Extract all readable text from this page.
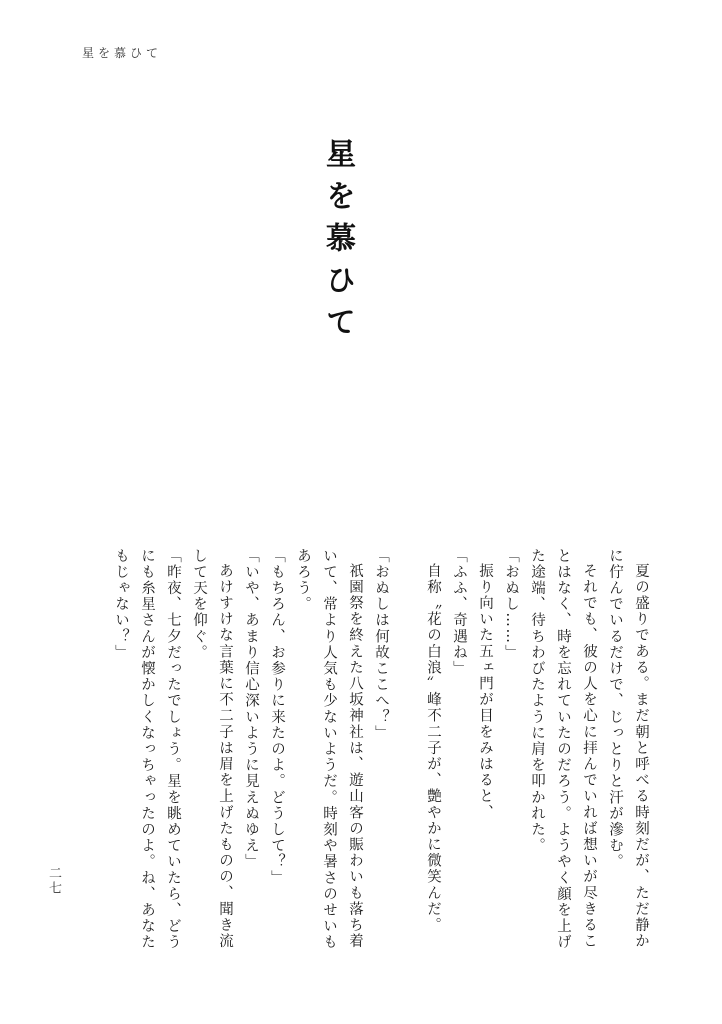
星を慕ひて
星を慕ひて

夏の盛りである。まだ朝と呼べる時刻だが、ただ静かに佇んでいるだけで、じっとりと汗が滲む。

それでも、彼の人を心に拝んでいれば想いが尽きることはなく、時を忘れていたのだろう。ようやく顔を上げた途端、待ちわびたように肩を叩かれた。

「おぬし……」

振り向いた五ェ門が目をみはると、

「ふふ、奇遇ね」

自称〝花の白浪〟峰不二子が、艶やかに微笑んだ。

「おぬしは何故ここへ？」

祇園祭を終えた八坂神社は、遊山客の賑わいも落ち着いて、常より人気も少ないようだ。時刻や暑さのせいもあろう。

「もちろん、お参りに来たのよ。どうして？」

「いや、あまり信心深いように見えぬゆえ」

あけすけな言葉に不二子は眉を上げたものの、聞き流して天を仰ぐ。

「昨夜、七夕だったでしょう。星を眺めていたら、どうにも糸星さんが懐かしくなっちゃったのよ。ね、あなたもじゃない？」

二七
